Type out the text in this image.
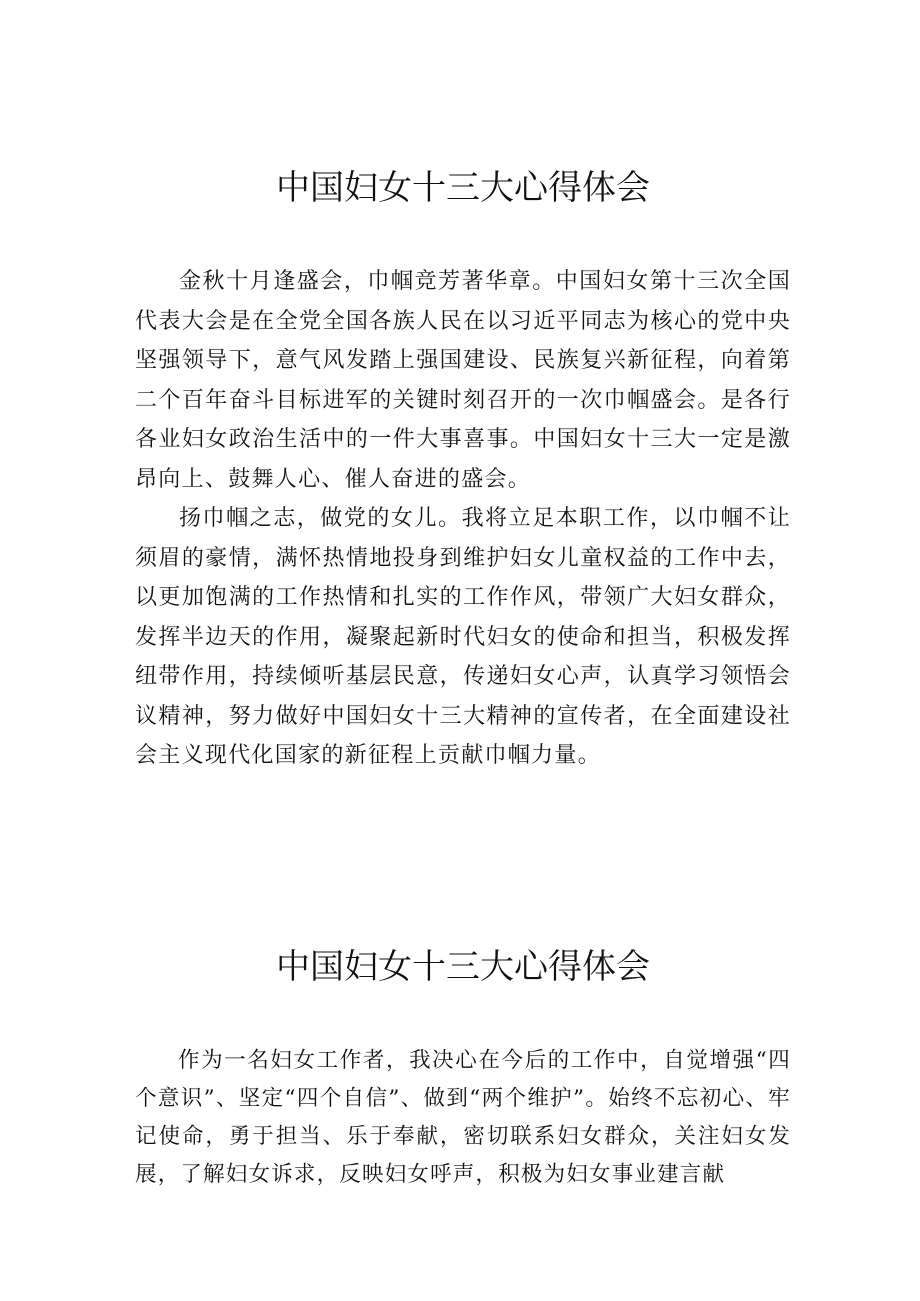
中国妇女十三大心得体会

金秋十月逢盛会，巾帼竞芳著华章。中国妇女第十三次全国代表大会是在全党全国各族人民在以习近平同志为核心的党中央坚强领导下，意气风发踏上强国建设、民族复兴新征程，向着第二个百年奋斗目标进军的关键时刻召开的一次巾帼盛会。是各行各业妇女政治生活中的一件大事喜事。中国妇女十三大一定是激昂向上、鼓舞人心、催人奋进的盛会。

扬巾帼之志，做党的女儿。我将立足本职工作，以巾帼不让须眉的豪情，满怀热情地投身到维护妇女儿童权益的工作中去，以更加饱满的工作热情和扎实的工作作风，带领广大妇女群众，发挥半边天的作用，凝聚起新时代妇女的使命和担当，积极发挥纽带作用，持续倾听基层民意，传递妇女心声，认真学习领悟会议精神，努力做好中国妇女十三大精神的宣传者，在全面建设社会主义现代化国家的新征程上贡献巾帼力量。

中国妇女十三大心得体会

作为一名妇女工作者，我决心在今后的工作中，自觉增强“四个意识”、坚定“四个自信”、做到“两个维护”。始终不忘初心、牢记使命，勇于担当、乐于奉献，密切联系妇女群众，关注妇女发展，了解妇女诉求，反映妇女呼声，积极为妇女事业建言献
